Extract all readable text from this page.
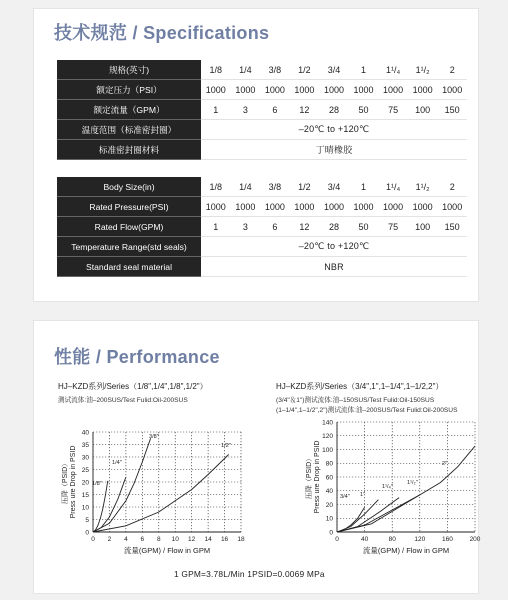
技术规范 / Specifications
规格(英寸)	1/8	1/4	3/8	1/2	3/4	1	1¹/₄	1¹/₂	2
额定压力（PSI）	1000	1000	1000	1000	1000	1000	1000	1000	1000
额定流量（GPM）	1	3	6	12	28	50	75	100	150
温度范围（标准密封圈）	–20℃ to +120℃								
标准密封圈材料	丁晴橡胶								
Body Size(in)	1/8	1/4	3/8	1/2	3/4	1	1¹/₄	1¹/₂	2
Rated Pressure(PSI)	1000	1000	1000	1000	1000	1000	1000	1000	1000
Rated Flow(GPM)	1	3	6	12	28	50	75	100	150
Temperature Range(std seals)	–20℃ to +120℃								
Standard seal material	NBR								
性能 / Performance
HJ–KZD系列/Series（1/8",1/4",1/8",1/2"）
测试流体:油–200SUS/Test Fulid:Oil-200SUS
0 2 4 6 8 10 12 14 16 18
0
5
10
15
20
25
30
35
40
1/8"
1/4"
3/8"
1/2"
压降（PSID） Press ure Drop in PSID
流量(GPM) / Flow in GPM
HJ–KZD系列/Series（3/4",1",1–1/4",1–1/2,2"）
(3/4"＆1")测试流体:油–150SUS/Test Fulid:Oil-150SUS
(1–1/4",1–1/2",2")测试流体:油–200SUS/Test Fulid:Oil-200SUS
0	40	80	120	160	200
0
10
20
40
60
80
100
120
140
3/4" 1"
1¹/₄"
1¹/₂"
2"
压降（PSID） Press ure Drop in PSID
流量(GPM) / Flow in GPM
1 GPM=3.78L/Min 1PSID=0.0069 MPa
